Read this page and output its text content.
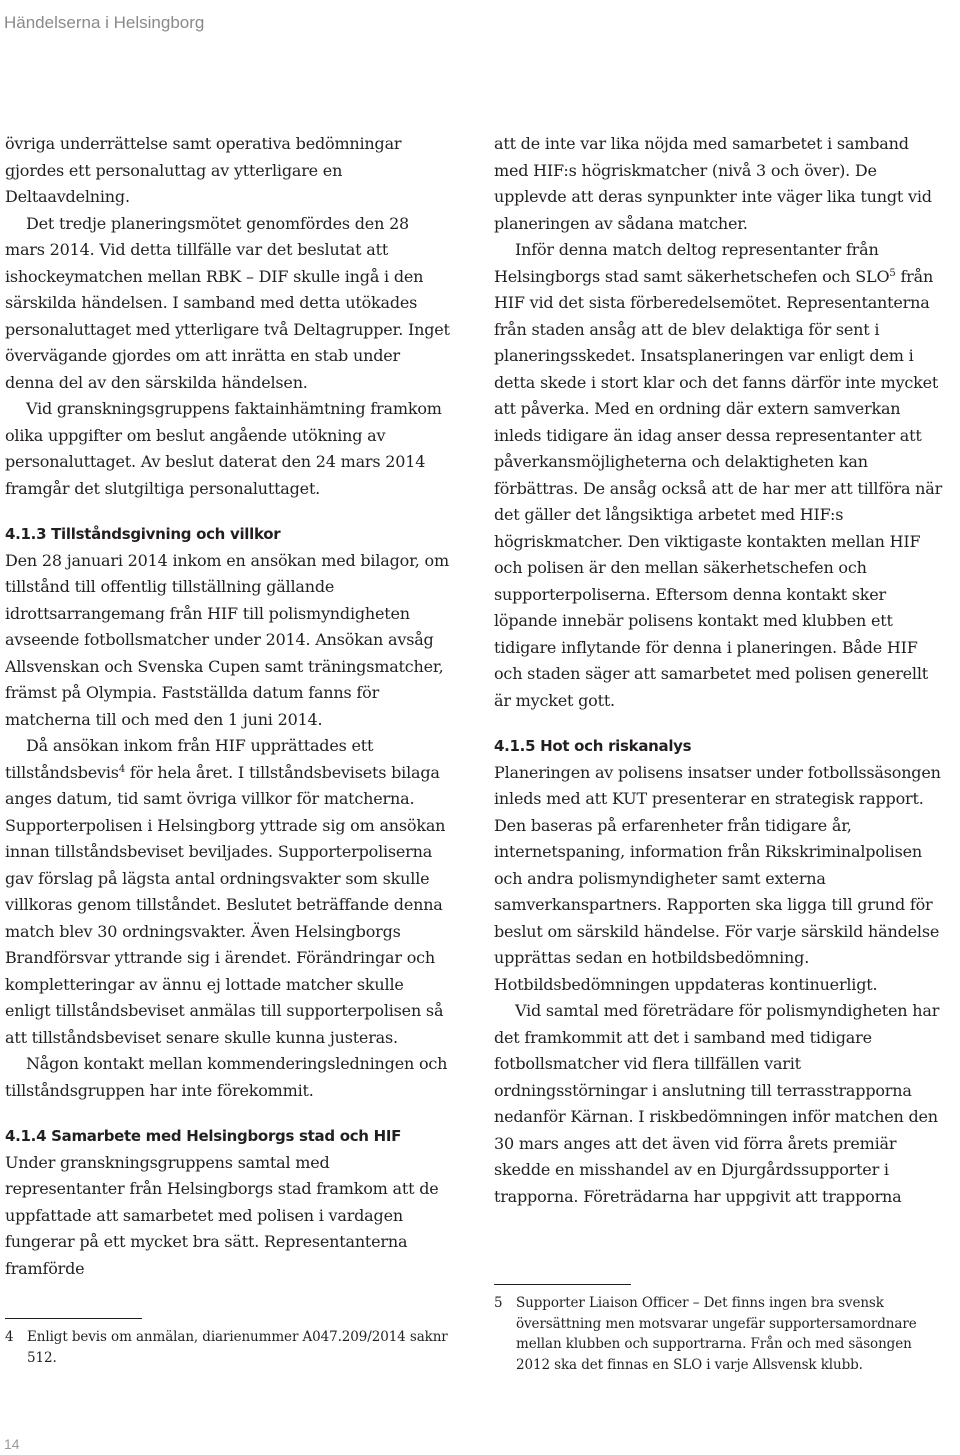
Händelserna i Helsingborg

övriga underrättelse samt operativa bedömningar gjordes ett personaluttag av ytterligare en Deltaavdelning.

Det tredje planeringsmötet genomfördes den 28 mars 2014. Vid detta tillfälle var det beslutat att ishockeymatchen mellan RBK – DIF skulle ingå i den särskilda händelsen. I samband med detta utökades personaluttaget med ytterligare två Deltagrupper. Inget övervägande gjordes om att inrätta en stab under denna del av den särskilda händelsen.

Vid granskningsgruppens faktainhämtning framkom olika uppgifter om beslut angående utökning av personaluttaget. Av beslut daterat den 24 mars 2014 framgår det slutgiltiga personaluttaget.

4.1.3 Tillståndsgivning och villkor

Den 28 januari 2014 inkom en ansökan med bilagor, om tillstånd till offentlig tillställning gällande idrottsarrangemang från HIF till polismyndigheten avseende fotbollsmatcher under 2014. Ansökan avsåg Allsvenskan och Svenska Cupen samt träningsmatcher, främst på Olympia. Fastställda datum fanns för matcherna till och med den 1 juni 2014.

Då ansökan inkom från HIF upprättades ett tillståndsbevis$^4$ för hela året. I tillståndsbevisets bilaga anges datum, tid samt övriga villkor för matcherna. Supporterpolisen i Helsingborg yttrade sig om ansökan innan tillståndsbeviset beviljades. Supporterpoliserna gav förslag på lägsta antal ordningsvakter som skulle villkoras genom tillståndet. Beslutet beträffande denna match blev 30 ordningsvakter. Även Helsingborgs Brandförsvar yttrande sig i ärendet. Förändringar och kompletteringar av ännu ej lottade matcher skulle enligt tillståndsbeviset anmälas till supporterpolisen så att tillståndsbeviset senare skulle kunna justeras.

Någon kontakt mellan kommenderingsledningen och tillståndsgruppen har inte förekommit.

4.1.4 Samarbete med Helsingborgs stad och HIF

Under granskningsgruppens samtal med representanter från Helsingborgs stad framkom att de uppfattade att samarbetet med polisen i vardagen fungerar på ett mycket bra sätt. Representanterna framförde

att de inte var lika nöjda med samarbetet i samband med HIF:s högriskmatcher (nivå 3 och över). De upplevde att deras synpunkter inte väger lika tungt vid planeringen av sådana matcher.

Inför denna match deltog representanter från Helsingborgs stad samt säkerhetschefen och SLO$^5$ från HIF vid det sista förberedelsemötet. Representanterna från staden ansåg att de blev delaktiga för sent i planeringsskedet. Insatsplaneringen var enligt dem i detta skede i stort klar och det fanns därför inte mycket att påverka. Med en ordning där extern samverkan inleds tidigare än idag anser dessa representanter att påverkansmöjligheterna och delaktigheten kan förbättras. De ansåg också att de har mer att tillföra när det gäller det långsiktiga arbetet med HIF:s högriskmatcher. Den viktigaste kontakten mellan HIF och polisen är den mellan säkerhetschefen och supporterpoliserna. Eftersom denna kontakt sker löpande innebär polisens kontakt med klubben ett tidigare inflytande för denna i planeringen. Både HIF och staden säger att samarbetet med polisen generellt är mycket gott.

4.1.5 Hot och riskanalys

Planeringen av polisens insatser under fotbollssäsongen inleds med att KUT presenterar en strategisk rapport. Den baseras på erfarenheter från tidigare år, internetspaning, information från Rikskriminalpolisen och andra polismyndigheter samt externa samverkanspartners. Rapporten ska ligga till grund för beslut om särskild händelse. För varje särskild händelse upprättas sedan en hotbildsbedömning. Hotbildsbedömningen uppdateras kontinuerligt.

Vid samtal med företrädare för polismyndigheten har det framkommit att det i samband med tidigare fotbollsmatcher vid flera tillfällen varit ordningsstörningar i anslutning till terrasstrapporna nedanför Kärnan. I riskbedömningen inför matchen den 30 mars anges att det även vid förra årets premiär skedde en misshandel av en Djurgårdssupporter i trapporna. Företrädarna har uppgivit att trapporna

4	Enligt bevis om anmälan, diarienummer A047.209/2014 saknr 512.
5	Supporter Liaison Officer – Det finns ingen bra svensk översättning men motsvarar ungefär supportersamordnare mellan klubben och supportrarna. Från och med säsongen 2012 ska det finnas en SLO i varje Allsvensk klubb.
14
